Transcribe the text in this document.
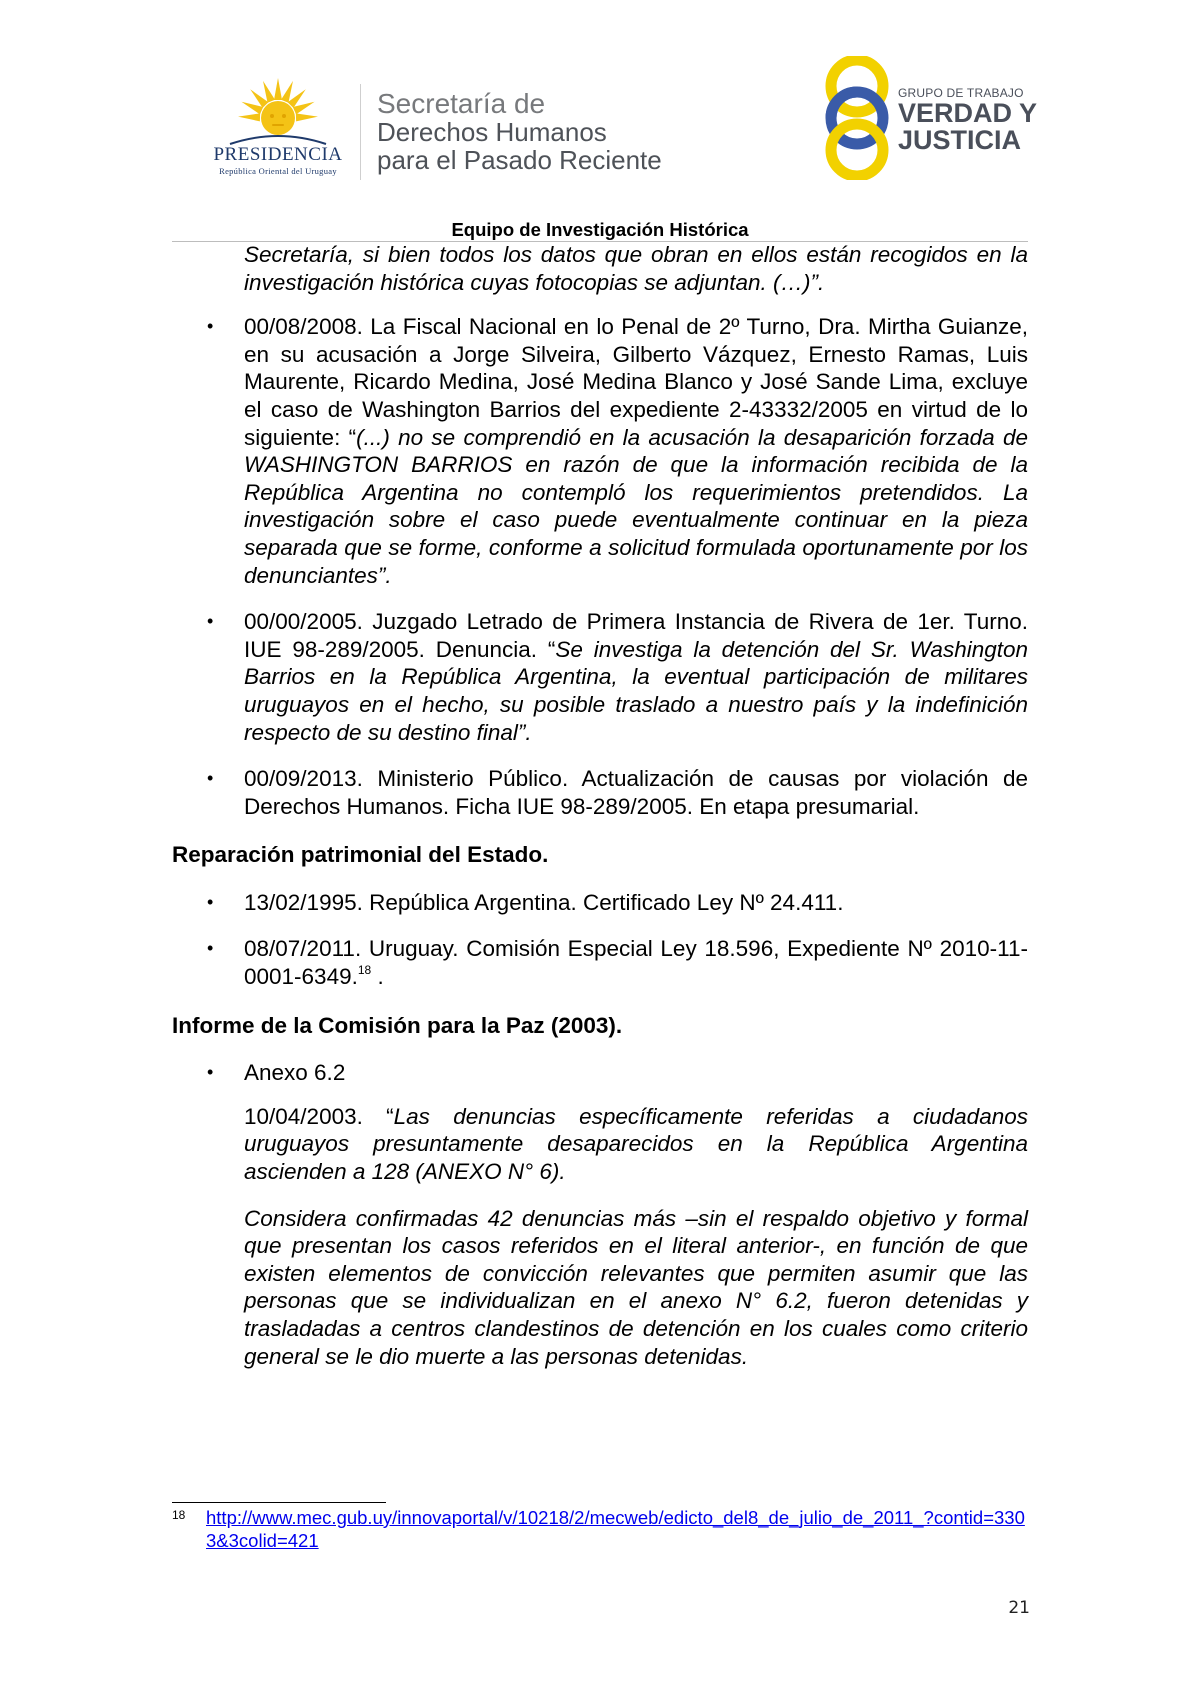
PRESIDENCIA
República Oriental del Uruguay
Secretaría de
Derechos Humanos
para el Pasado Reciente
GRUPO DE TRABAJO
VERDAD Y
JUSTICIA
Equipo de Investigación Histórica

Secretaría, si bien todos los datos que obran en ellos están recogidos en la investigación histórica cuyas fotocopias se adjuntan. (…)”.

• 00/08/2008. La Fiscal Nacional en lo Penal de 2º Turno, Dra. Mirtha Guianze, en su acusación a Jorge Silveira, Gilberto Vázquez, Ernesto Ramas, Luis Maurente, Ricardo Medina, José Medina Blanco y José Sande Lima, excluye el caso de Washington Barrios del expediente 2-43332/2005 en virtud de lo siguiente: “(...) no se comprendió en la acusación la desaparición forzada de WASHINGTON BARRIOS en razón de que la información recibida de la República Argentina no contempló los requerimientos pretendidos. La investigación sobre el caso puede eventualmente continuar en la pieza separada que se forme, conforme a solicitud formulada oportunamente por los denunciantes”.
• 00/00/2005. Juzgado Letrado de Primera Instancia de Rivera de 1er. Turno. IUE 98-289/2005. Denuncia. “Se investiga la detención del Sr. Washington Barrios en la República Argentina, la eventual participación de militares uruguayos en el hecho, su posible traslado a nuestro país y la indefinición respecto de su destino final”.
• 00/09/2013. Ministerio Público. Actualización de causas por violación de Derechos Humanos. Ficha IUE 98-289/2005. En etapa presumarial.

Reparación patrimonial del Estado.

• 13/02/1995. República Argentina. Certificado Ley Nº 24.411.
• 08/07/2011. Uruguay. Comisión Especial Ley 18.596, Expediente Nº 2010-11-0001-6349.18 .

Informe de la Comisión para la Paz (2003).

• Anexo 6.2

10/04/2003. “Las denuncias específicamente referidas a ciudadanos uruguayos presuntamente desaparecidos en la República Argentina ascienden a 128 (ANEXO N° 6).

Considera confirmadas 42 denuncias más –sin el respaldo objetivo y formal que presentan los casos referidos en el literal anterior-, en función de que existen elementos de convicción relevantes que permiten asumir que las personas que se individualizan en el anexo N° 6.2, fueron detenidas y trasladadas a centros clandestinos de detención en los cuales como criterio general se le dio muerte a las personas detenidas.

18 http://www.mec.gub.uy/innovaportal/v/10218/2/mecweb/edicto_del8_de_julio_de_2011_?contid=3303&3colid=421
21
